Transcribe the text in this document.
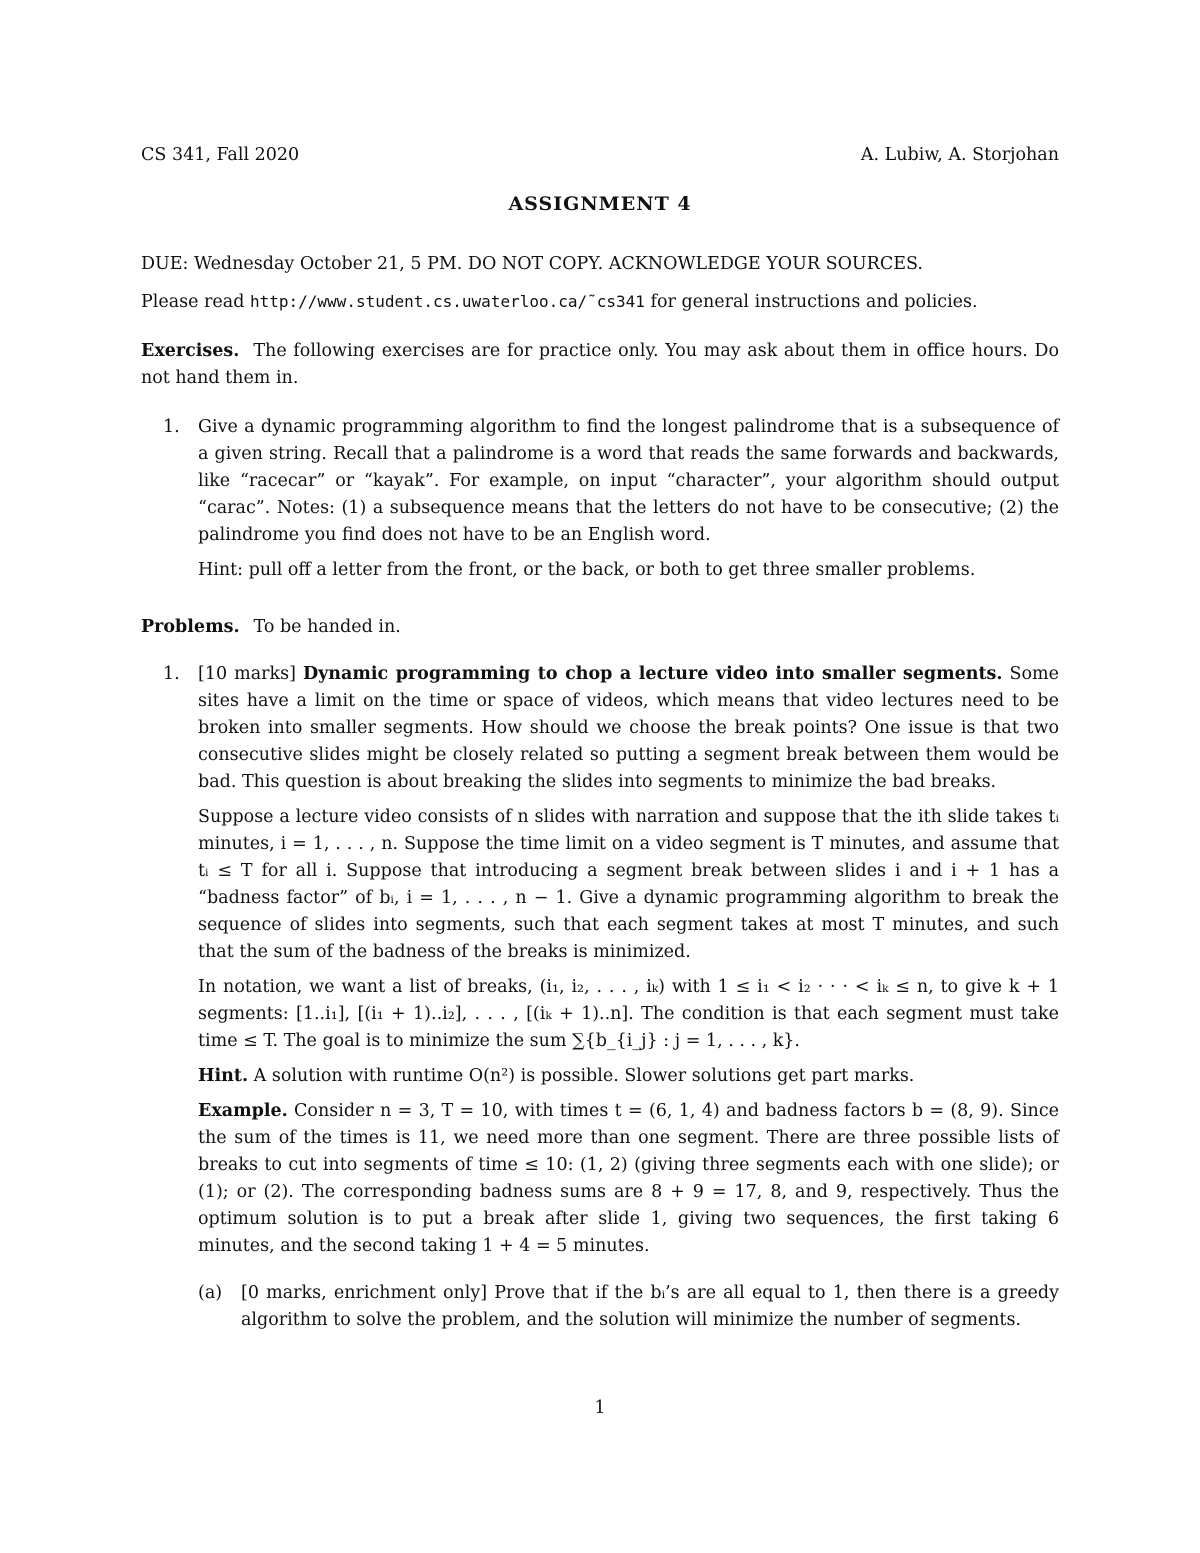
CS 341, Fall 2020	A. Lubiw, A. Storjohan
ASSIGNMENT 4

DUE: Wednesday October 21, 5 PM. DO NOT COPY. ACKNOWLEDGE YOUR SOURCES.

Please read http://www.student.cs.uwaterloo.ca/˜cs341 for general instructions and policies.

Exercises. The following exercises are for practice only. You may ask about them in office hours. Do not hand them in.

1. Give a dynamic programming algorithm to find the longest palindrome that is a subsequence of a given string. Recall that a palindrome is a word that reads the same forwards and backwards, like “racecar” or “kayak”. For example, on input “character”, your algorithm should output “carac”. Notes: (1) a subsequence means that the letters do not have to be consecutive; (2) the palindrome you find does not have to be an English word.

Hint: pull off a letter from the front, or the back, or both to get three smaller problems.

Problems. To be handed in.

1. [10 marks] Dynamic programming to chop a lecture video into smaller segments. Some sites have a limit on the time or space of videos, which means that video lectures need to be broken into smaller segments. How should we choose the break points? One issue is that two consecutive slides might be closely related so putting a segment break between them would be bad. This question is about breaking the slides into segments to minimize the bad breaks.

Suppose a lecture video consists of n slides with narration and suppose that the ith slide takes tᵢ minutes, i = 1, . . . , n. Suppose the time limit on a video segment is T minutes, and assume that tᵢ ≤ T for all i. Suppose that introducing a segment break between slides i and i + 1 has a “badness factor” of bᵢ, i = 1, . . . , n − 1. Give a dynamic programming algorithm to break the sequence of slides into segments, such that each segment takes at most T minutes, and such that the sum of the badness of the breaks is minimized.

In notation, we want a list of breaks, (i₁, i₂, . . . , iₖ) with 1 ≤ i₁ < i₂ · · · < iₖ ≤ n, to give k + 1 segments: [1..i₁], [(i₁ + 1)..i₂], . . . , [(iₖ + 1)..n]. The condition is that each segment must take time ≤ T. The goal is to minimize the sum ∑{b_{i_j} : j = 1, . . . , k}.

Hint. A solution with runtime O(n²) is possible. Slower solutions get part marks.

Example. Consider n = 3, T = 10, with times t = (6, 1, 4) and badness factors b = (8, 9). Since the sum of the times is 11, we need more than one segment. There are three possible lists of breaks to cut into segments of time ≤ 10: (1, 2) (giving three segments each with one slide); or (1); or (2). The corresponding badness sums are 8 + 9 = 17, 8, and 9, respectively. Thus the optimum solution is to put a break after slide 1, giving two sequences, the first taking 6 minutes, and the second taking 1 + 4 = 5 minutes.

(a) [0 marks, enrichment only] Prove that if the bᵢ’s are all equal to 1, then there is a greedy algorithm to solve the problem, and the solution will minimize the number of segments.

1
